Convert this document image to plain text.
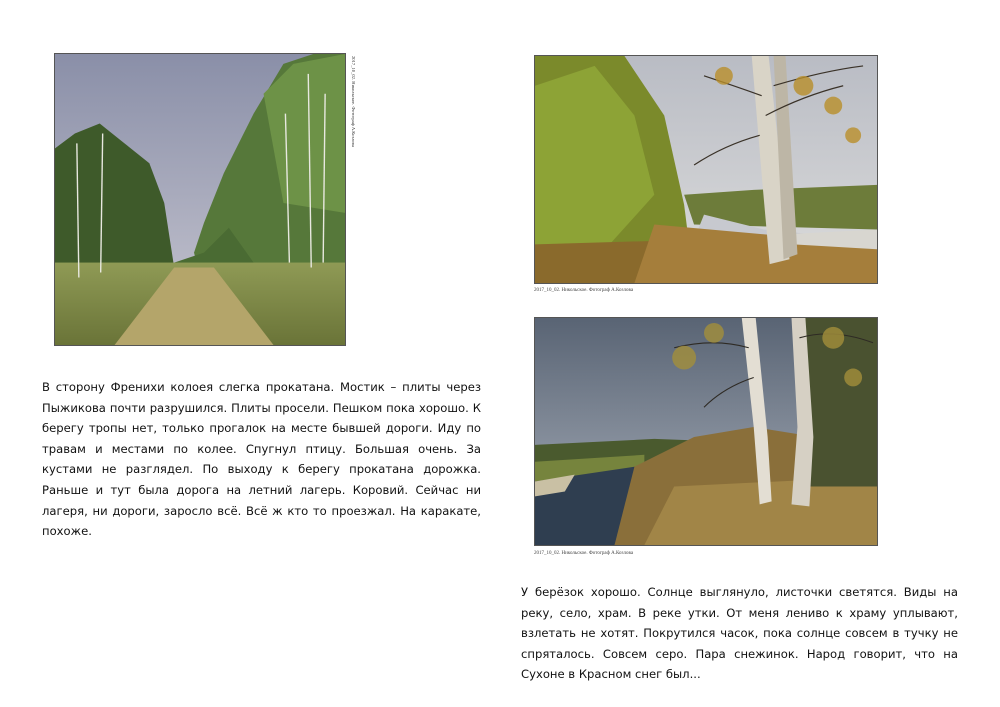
2017_10_02. Никольское. Фотограф А.Козлова
2017_10_02. Никольское. Фотограф А.Козлова
2017_10_02. Никольское. Фотограф А.Козлова

В сторону Френихи колоея слегка прокатана. Мостик – плиты через Пыжикова почти разрушился. Плиты просели. Пешком пока хорошо. К берегу тропы нет, только прогалок на месте бывшей дороги. Иду по травам и местами по колее. Спугнул птицу. Большая очень. За кустами не разглядел. По выходу к берегу прокатана дорожка. Раньше и тут была дорога на летний лагерь. Коровий. Сейчас ни лагеря, ни дороги, заросло всё. Всё ж кто то проезжал. На каракате, похоже.

У берёзок хорошо. Солнце выглянуло, листочки светятся. Виды на реку, село, храм. В реке утки. От меня лениво к храму уплывают, взлетать не хотят. Покрутился часок, пока солнце совсем в тучку не спряталось. Совсем серо. Пара снежинок. Народ говорит, что на Сухоне в Красном снег был...
